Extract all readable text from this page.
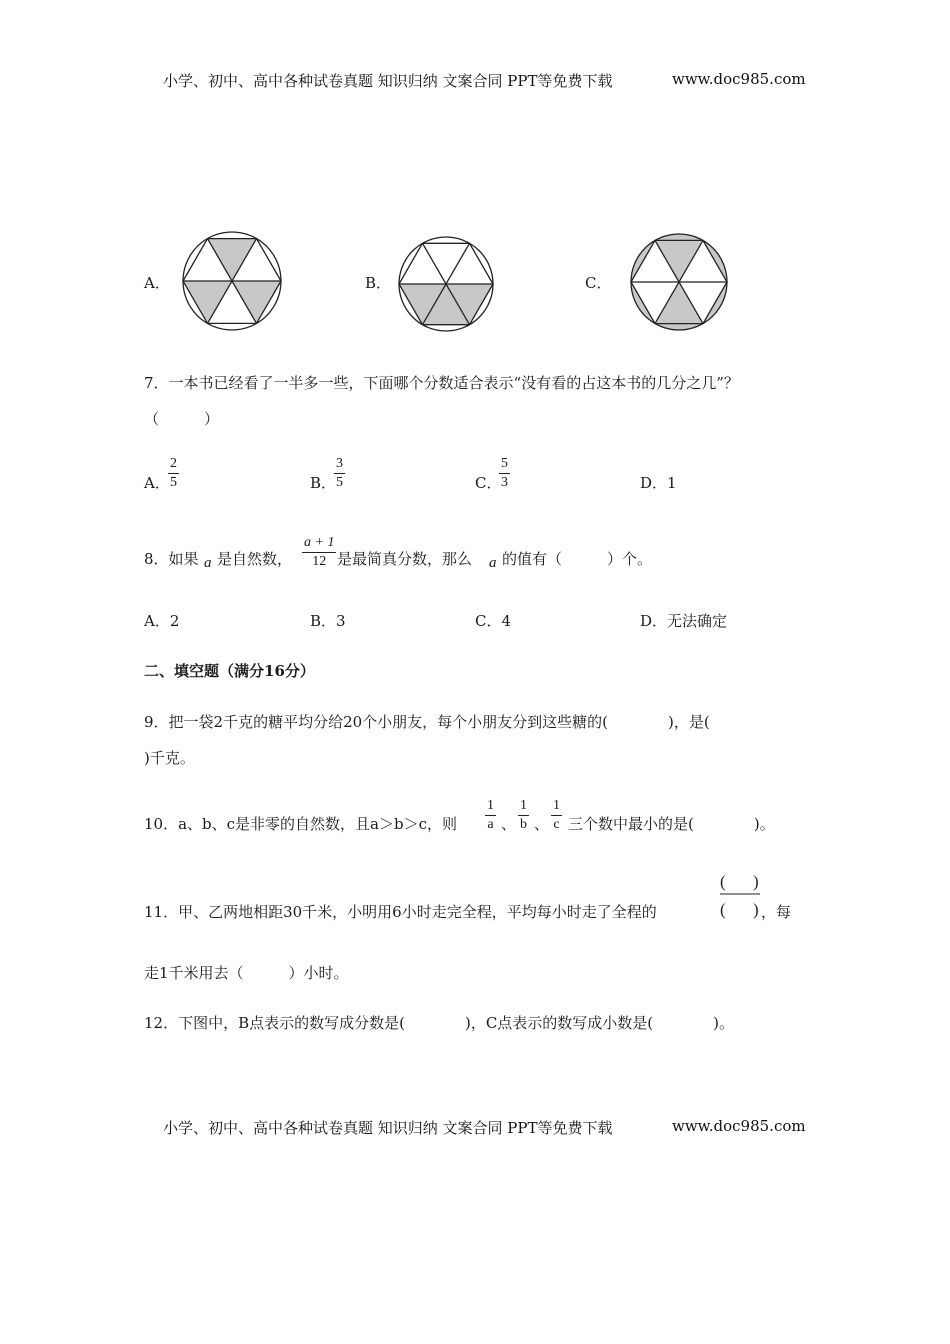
小学、初中、高中各种试卷真题 知识归纳 文案合同 PPT等免费下载	www.doc985.com
A．	B．	C．
7．一本书已经看了一半多一些，下面哪个分数适合表示“没有看的占这本书的几分之几”？
（　　　）
A．
2
5	B．
3
5	C．
5
3	D．1
8．如果 a 是自然数，
a + 1
12 是最简真分数，那么 a 的值有（　　　）个。
A．2	B．3	C．4	D．无法确定
二、填空题（满分16分）
9．把一袋2千克的糖平均分给20个小朋友，每个小朋友分到这些糖的(　　　　)，是(
)千克。
10．a、b、c是非零的自然数，且a＞b＞c，则
1
a 、
1
b 、
1
c 三个数中最小的是(　　　　)。
11．甲、乙两地相距30千米，小明用6小时走完全程，平均每小时走了全程的
( )
( ) ，每
走1千米用去（　　　）小时。
12．下图中，B点表示的数写成分数是(　　　　)，C点表示的数写成小数是(　　　　)。
小学、初中、高中各种试卷真题 知识归纳 文案合同 PPT等免费下载	www.doc985.com
